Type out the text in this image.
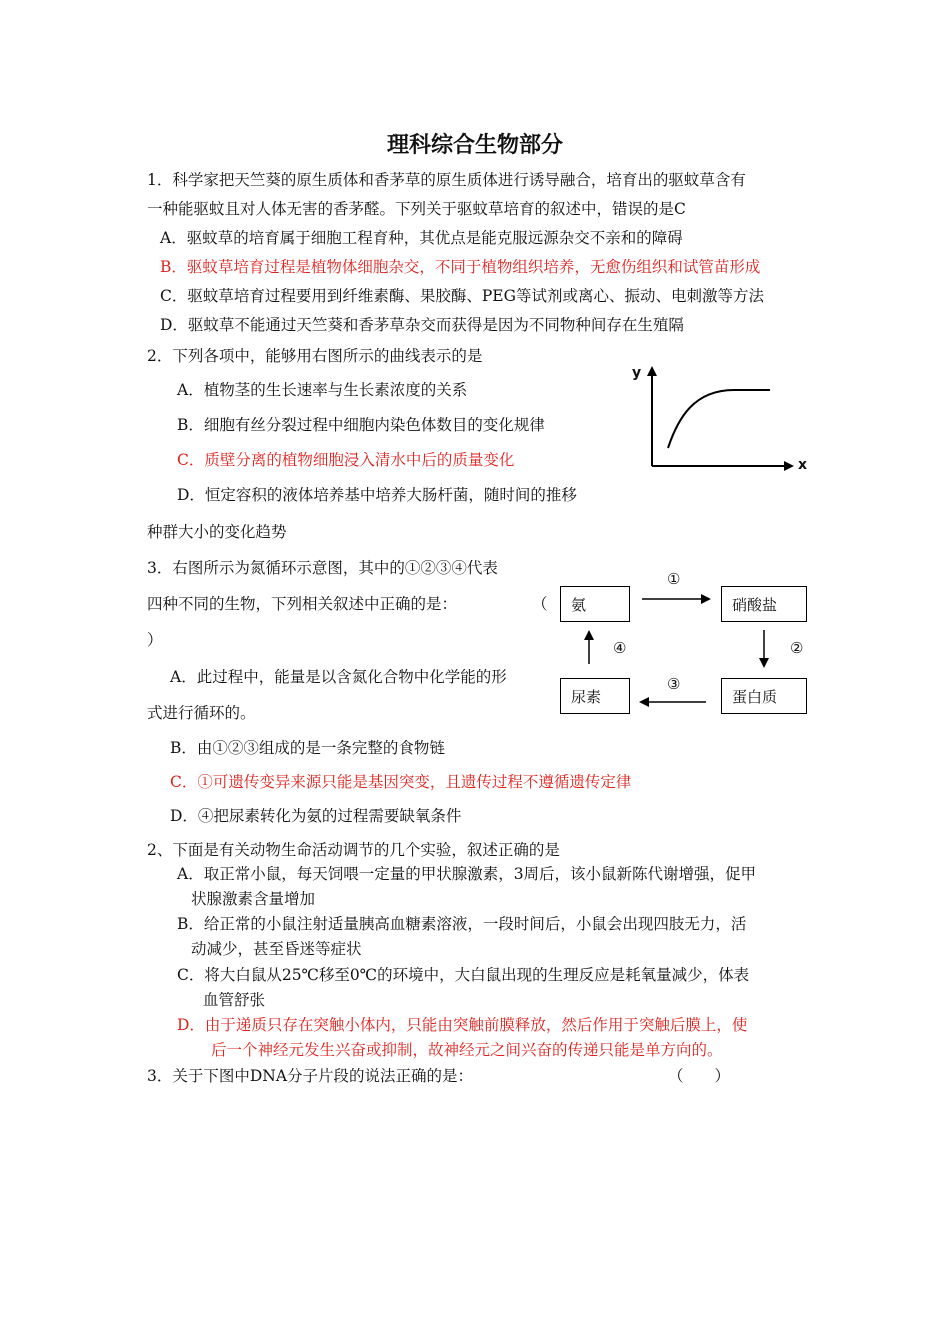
理科综合生物部分
1．科学家把天竺葵的原生质体和香茅草的原生质体进行诱导融合，培育出的驱蚊草含有
一种能驱蚊且对人体无害的香茅醛。下列关于驱蚊草培育的叙述中，错误的是C
A．驱蚊草的培育属于细胞工程育种，其优点是能克服远源杂交不亲和的障碍
B．驱蚊草培育过程是植物体细胞杂交，不同于植物组织培养，无愈伤组织和试管苗形成
C．驱蚊草培育过程要用到纤维素酶、果胶酶、PEG等试剂或离心、振动、电刺激等方法
D．驱蚊草不能通过天竺葵和香茅草杂交而获得是因为不同物种间存在生殖隔
2．下列各项中，能够用右图所示的曲线表示的是
A．植物茎的生长速率与生长素浓度的关系
B．细胞有丝分裂过程中细胞内染色体数目的变化规律
C．质壁分离的植物细胞浸入清水中后的质量变化
D．恒定容积的液体培养基中培养大肠杆菌，随时间的推移
种群大小的变化趋势
y
x
3．右图所示为氮循环示意图，其中的①②③④代表
四种不同的生物，下列相关叙述中正确的是：	（
）
A．此过程中，能量是以含氮化合物中化学能的形
式进行循环的。
B．由①②③组成的是一条完整的食物链
C．①可遗传变异来源只能是基因突变，且遗传过程不遵循遗传定律
D．④把尿素转化为氨的过程需要缺氧条件
氨	硝酸盐
蛋白质
尿素
①
②
③
④
2、下面是有关动物生命活动调节的几个实验，叙述正确的是
A．取正常小鼠，每天饲喂一定量的甲状腺激素，3周后，该小鼠新陈代谢增强，促甲
状腺激素含量增加
B．给正常的小鼠注射适量胰高血糖素溶液，一段时间后，小鼠会出现四肢无力，活
动减少，甚至昏迷等症状
C．将大白鼠从25℃移至0℃的环境中，大白鼠出现的生理反应是耗氧量减少，体表
血管舒张
D．由于递质只存在突触小体内，只能由突触前膜释放，然后作用于突触后膜上，使
后一个神经元发生兴奋或抑制，故神经元之间兴奋的传递只能是单方向的。
3．关于下图中DNA分子片段的说法正确的是：	（　　）
